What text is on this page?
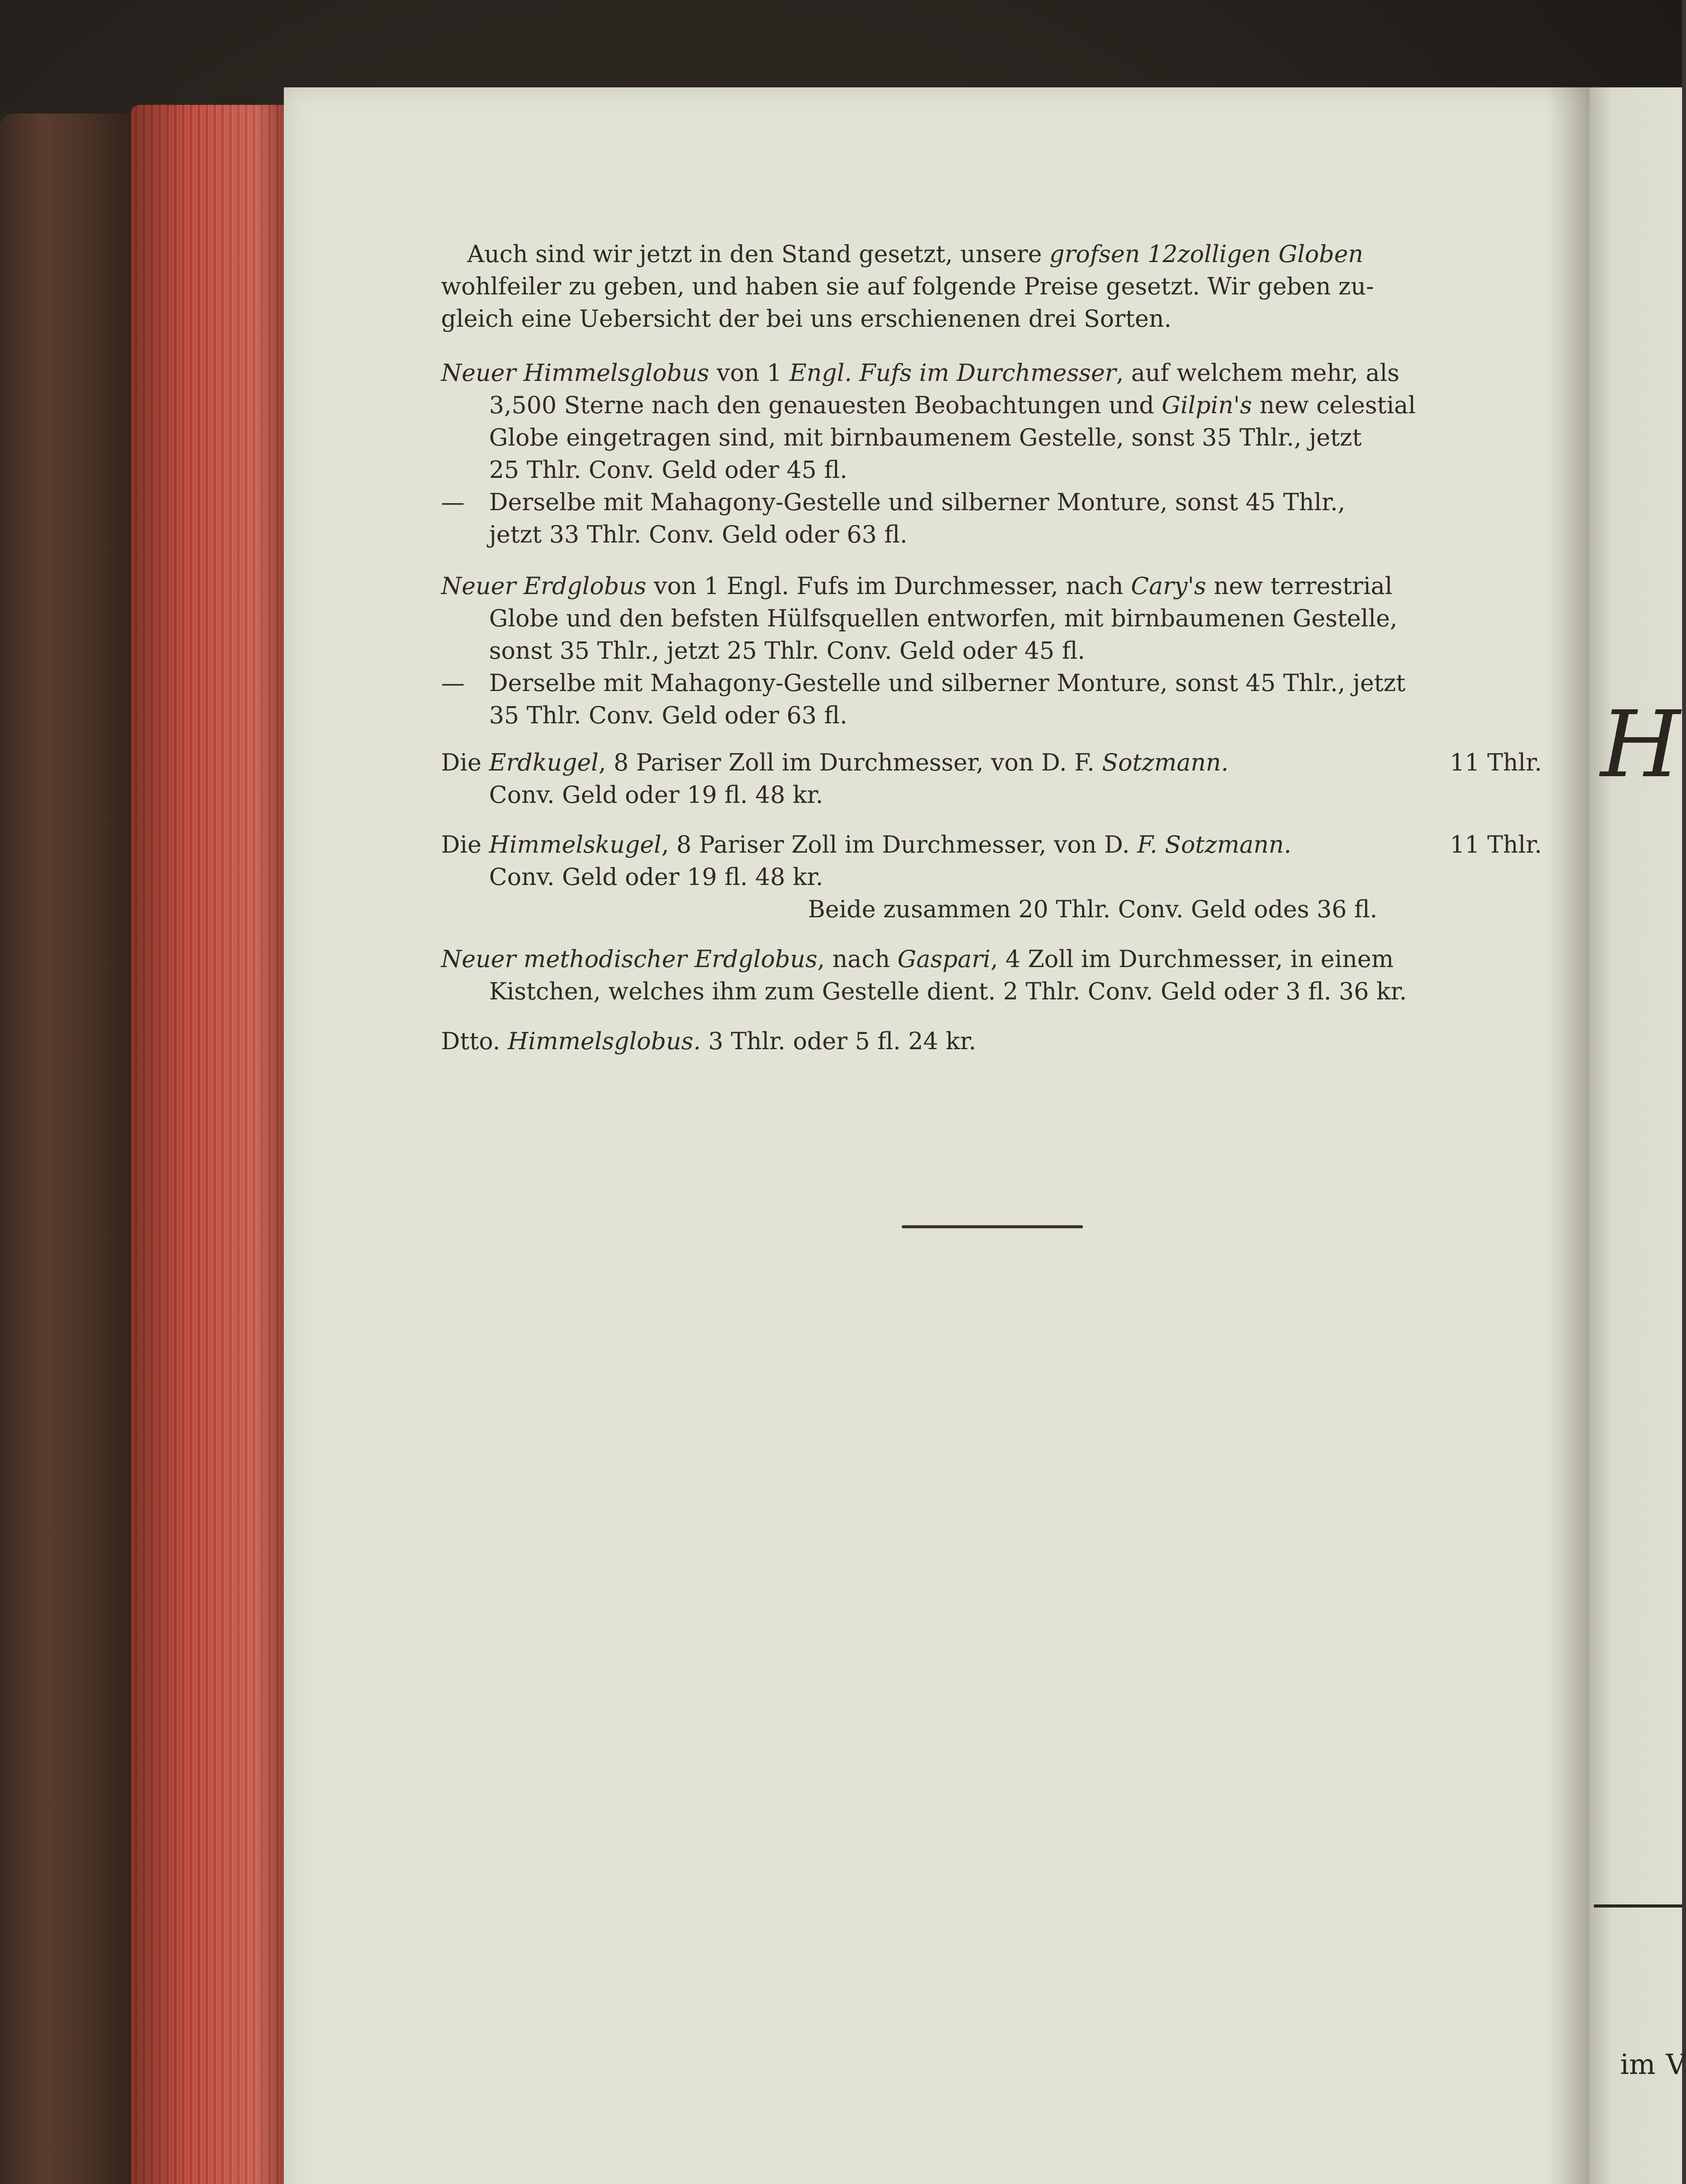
H
im V
Auch sind wir jetzt in den Stand gesetzt, unsere grofsen 12zolligen Globen
wohlfeiler zu geben, und haben sie auf folgende Preise gesetzt. Wir geben zu-
gleich eine Uebersicht der bei uns erschienenen drei Sorten.
Neuer Himmelsglobus von 1 Engl. Fufs im Durchmesser, auf welchem mehr, als
3,500 Sterne nach den genauesten Beobachtungen und Gilpin's new celestial
Globe eingetragen sind, mit birnbaumenem Gestelle, sonst 35 Thlr., jetzt
25 Thlr. Conv. Geld oder 45 fl.
— Derselbe mit Mahagony-Gestelle und silberner Monture, sonst 45 Thlr.,
jetzt 33 Thlr. Conv. Geld oder 63 fl.
Neuer Erdglobus von 1 Engl. Fufs im Durchmesser, nach Cary's new terrestrial
Globe und den befsten Hülfsquellen entworfen, mit birnbaumenen Gestelle,
sonst 35 Thlr., jetzt 25 Thlr. Conv. Geld oder 45 fl.
— Derselbe mit Mahagony-Gestelle und silberner Monture, sonst 45 Thlr., jetzt
35 Thlr. Conv. Geld oder 63 fl.
Die Erdkugel, 8 Pariser Zoll im Durchmesser, von D. F. Sotzmann.	11 Thlr.
Conv. Geld oder 19 fl. 48 kr.
Die Himmelskugel, 8 Pariser Zoll im Durchmesser, von D. F. Sotzmann.	11 Thlr.
Conv. Geld oder 19 fl. 48 kr.
Beide zusammen 20 Thlr. Conv. Geld odes 36 fl.
Neuer methodischer Erdglobus, nach Gaspari, 4 Zoll im Durchmesser, in einem
Kistchen, welches ihm zum Gestelle dient. 2 Thlr. Conv. Geld oder 3 fl. 36 kr.
Dtto. Himmelsglobus. 3 Thlr. oder 5 fl. 24 kr.
